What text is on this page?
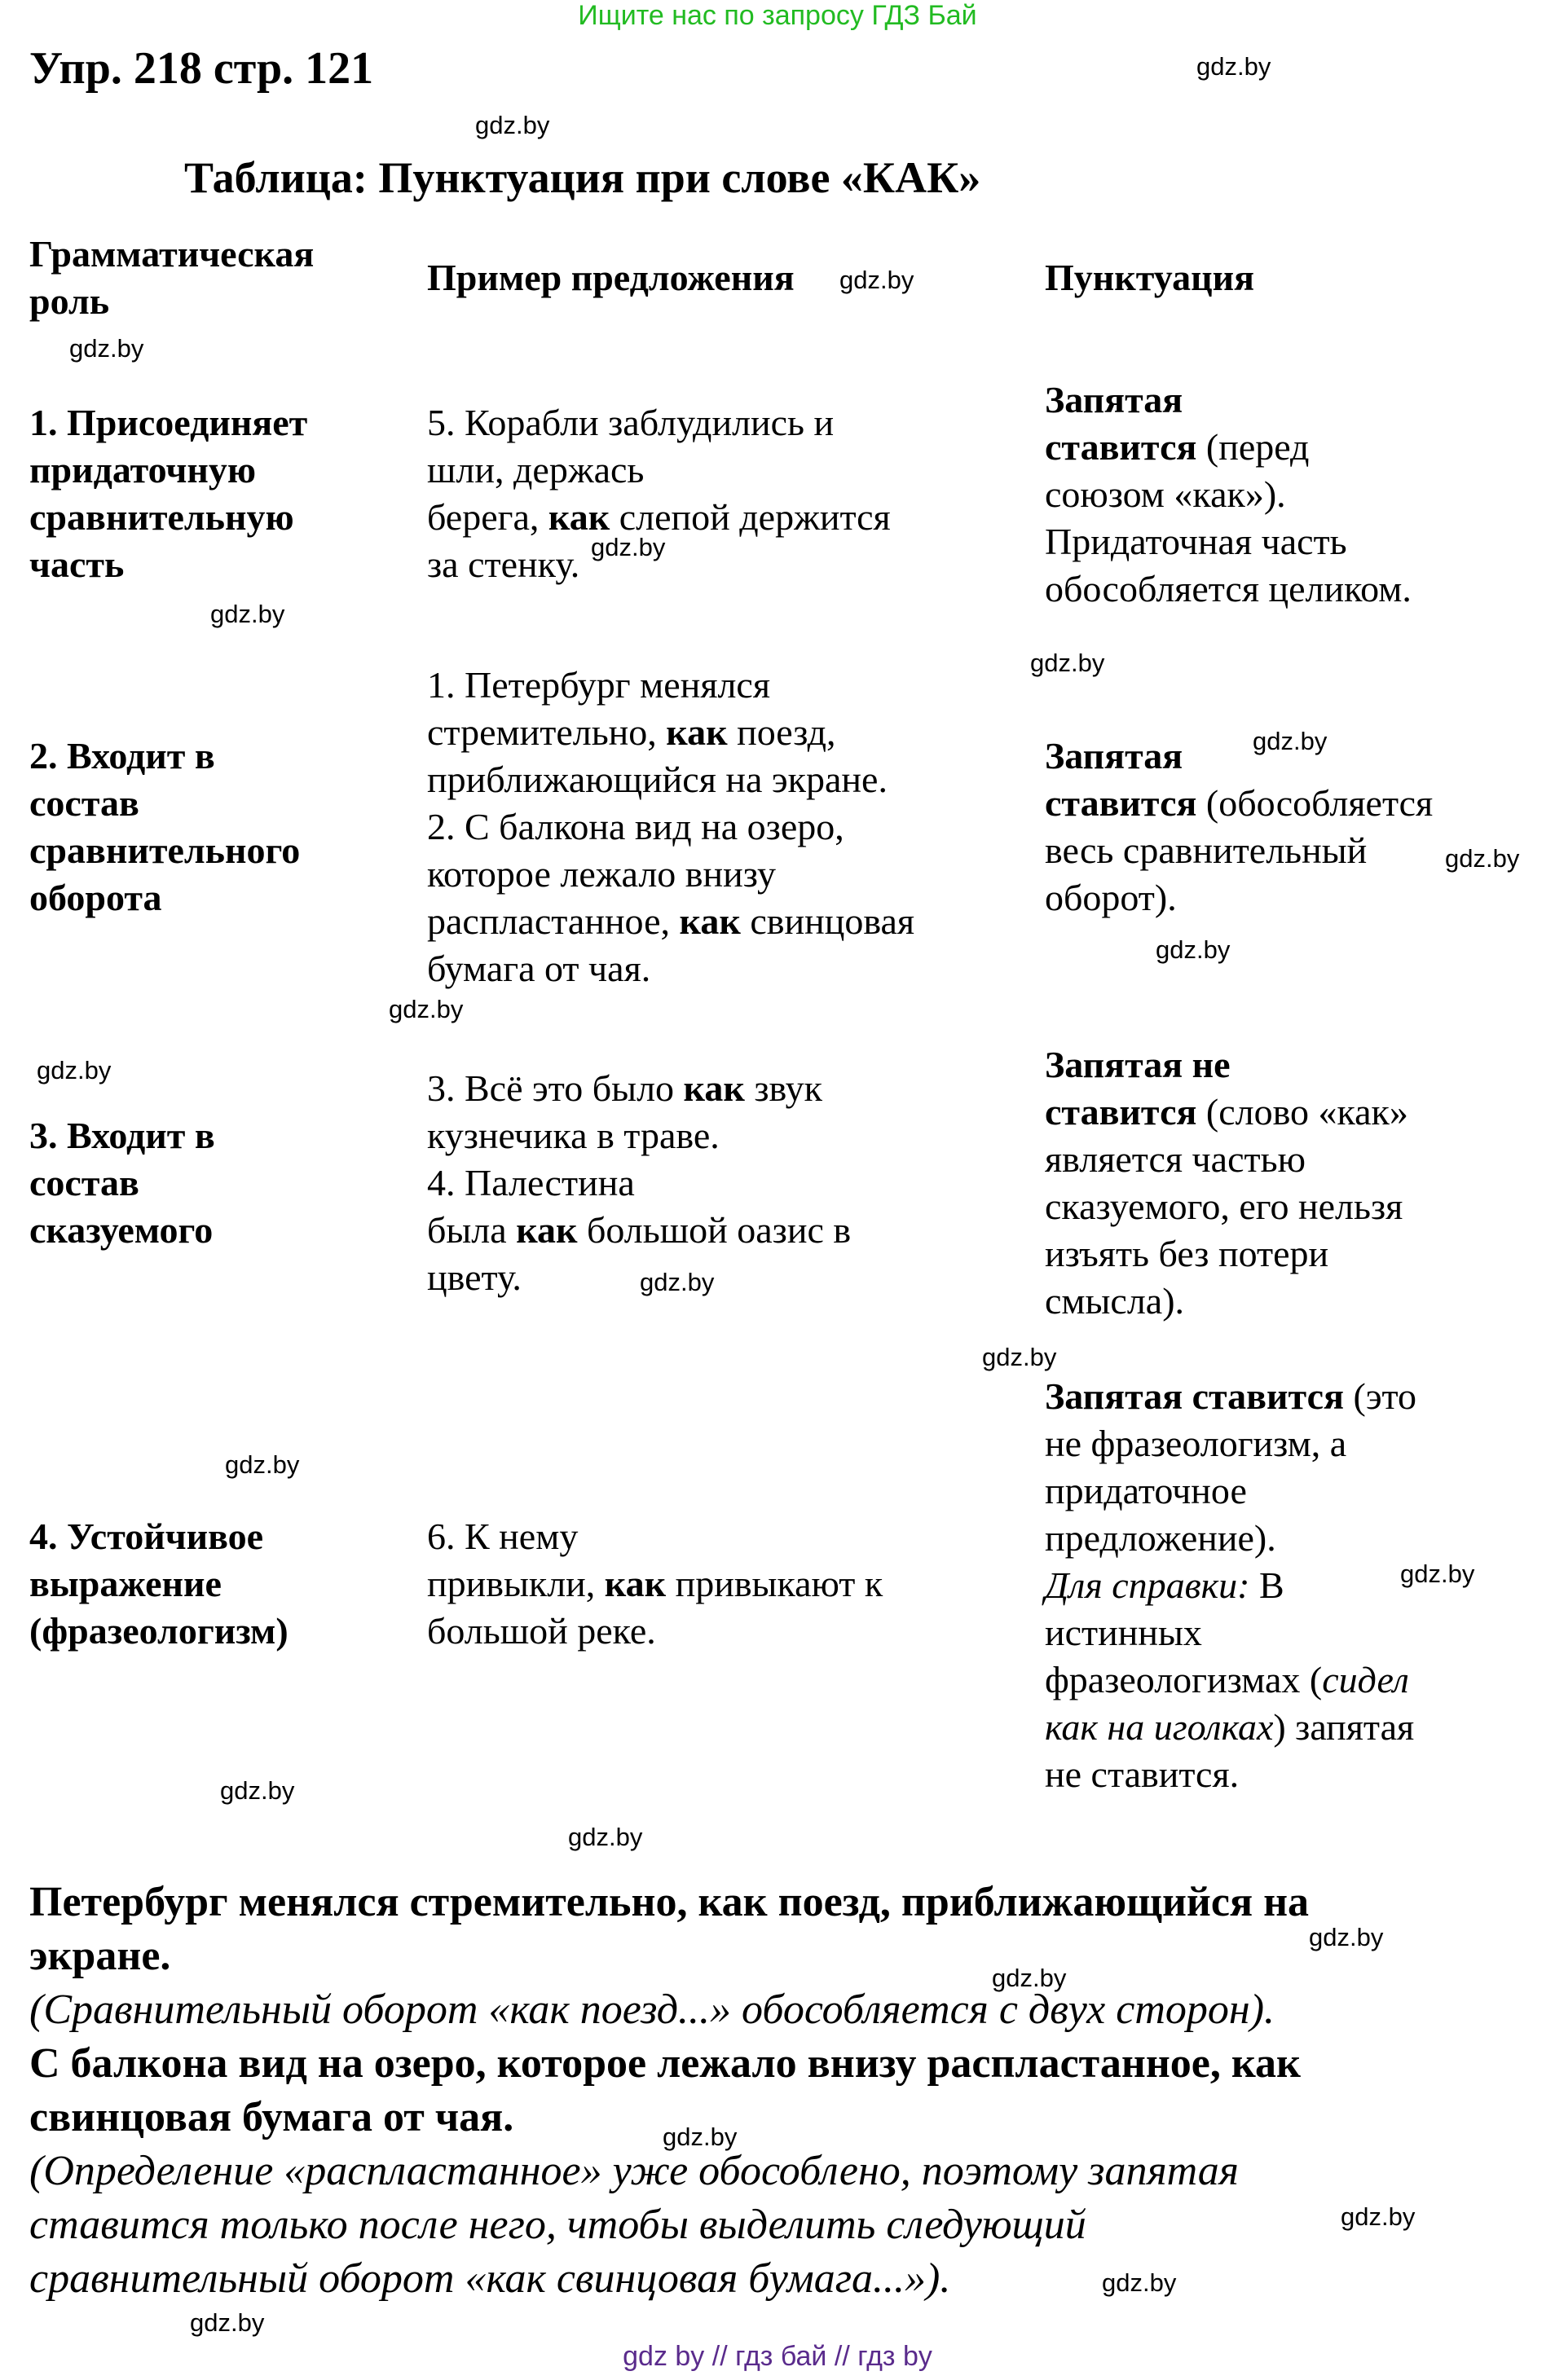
Ищите нас по запросу ГДЗ Бай
Упр. 218 стр. 121
Таблица: Пунктуация при слове «КАК»
Грамматическая
роль
Пример предложения	Пунктуация
1. Присоединяет
придаточную
сравнительную
часть
5. Корабли заблудились и
шли, держась
берега, как слепой держится
за стенку.
Запятая
ставится (перед
союзом «как»).
Придаточная часть
обособляется целиком.
2. Входит в
состав
сравнительного
оборота
1. Петербург менялся
стремительно, как поезд,
приближающийся на экране.
2. С балкона вид на озеро,
которое лежало внизу
распластанное, как свинцовая
бумага от чая.
Запятая
ставится (обособляется
весь сравнительный
оборот).
3. Входит в
состав
сказуемого
3. Всё это было как звук
кузнечика в траве.
4. Палестина
была как большой оазис в
цвету.
Запятая не
ставится (слово «как»
является частью
сказуемого, его нельзя
изъять без потери
смысла).
4. Устойчивое
выражение
(фразеологизм)
6. К нему
привыкли, как привыкают к
большой реке.
Запятая ставится (это
не фразеологизм, а
придаточное
предложение).
Для справки: В
истинных
фразеологизмах (сидел
как на иголках) запятая
не ставится.
Петербург менялся стремительно, как поезд, приближающийся на
экране.
(Сравнительный оборот «как поезд...» обособляется с двух сторон).
С балкона вид на озеро, которое лежало внизу распластанное, как
свинцовая бумага от чая.
(Определение «распластанное» уже обособлено, поэтому запятая
ставится только после него, чтобы выделить следующий
сравнительный оборот «как свинцовая бумага...»).
gdz.by
gdz.by
gdz.by
gdz.by
gdz.by
gdz.by
gdz.by
gdz.by
gdz.by
gdz.by
gdz.by
gdz.by
gdz.by
gdz.by
gdz.by
gdz.by
gdz.by
gdz.by
gdz.by
gdz.by
gdz.by
gdz.by
gdz.by
gdz.by
gdz by // гдз бай // гдз by
